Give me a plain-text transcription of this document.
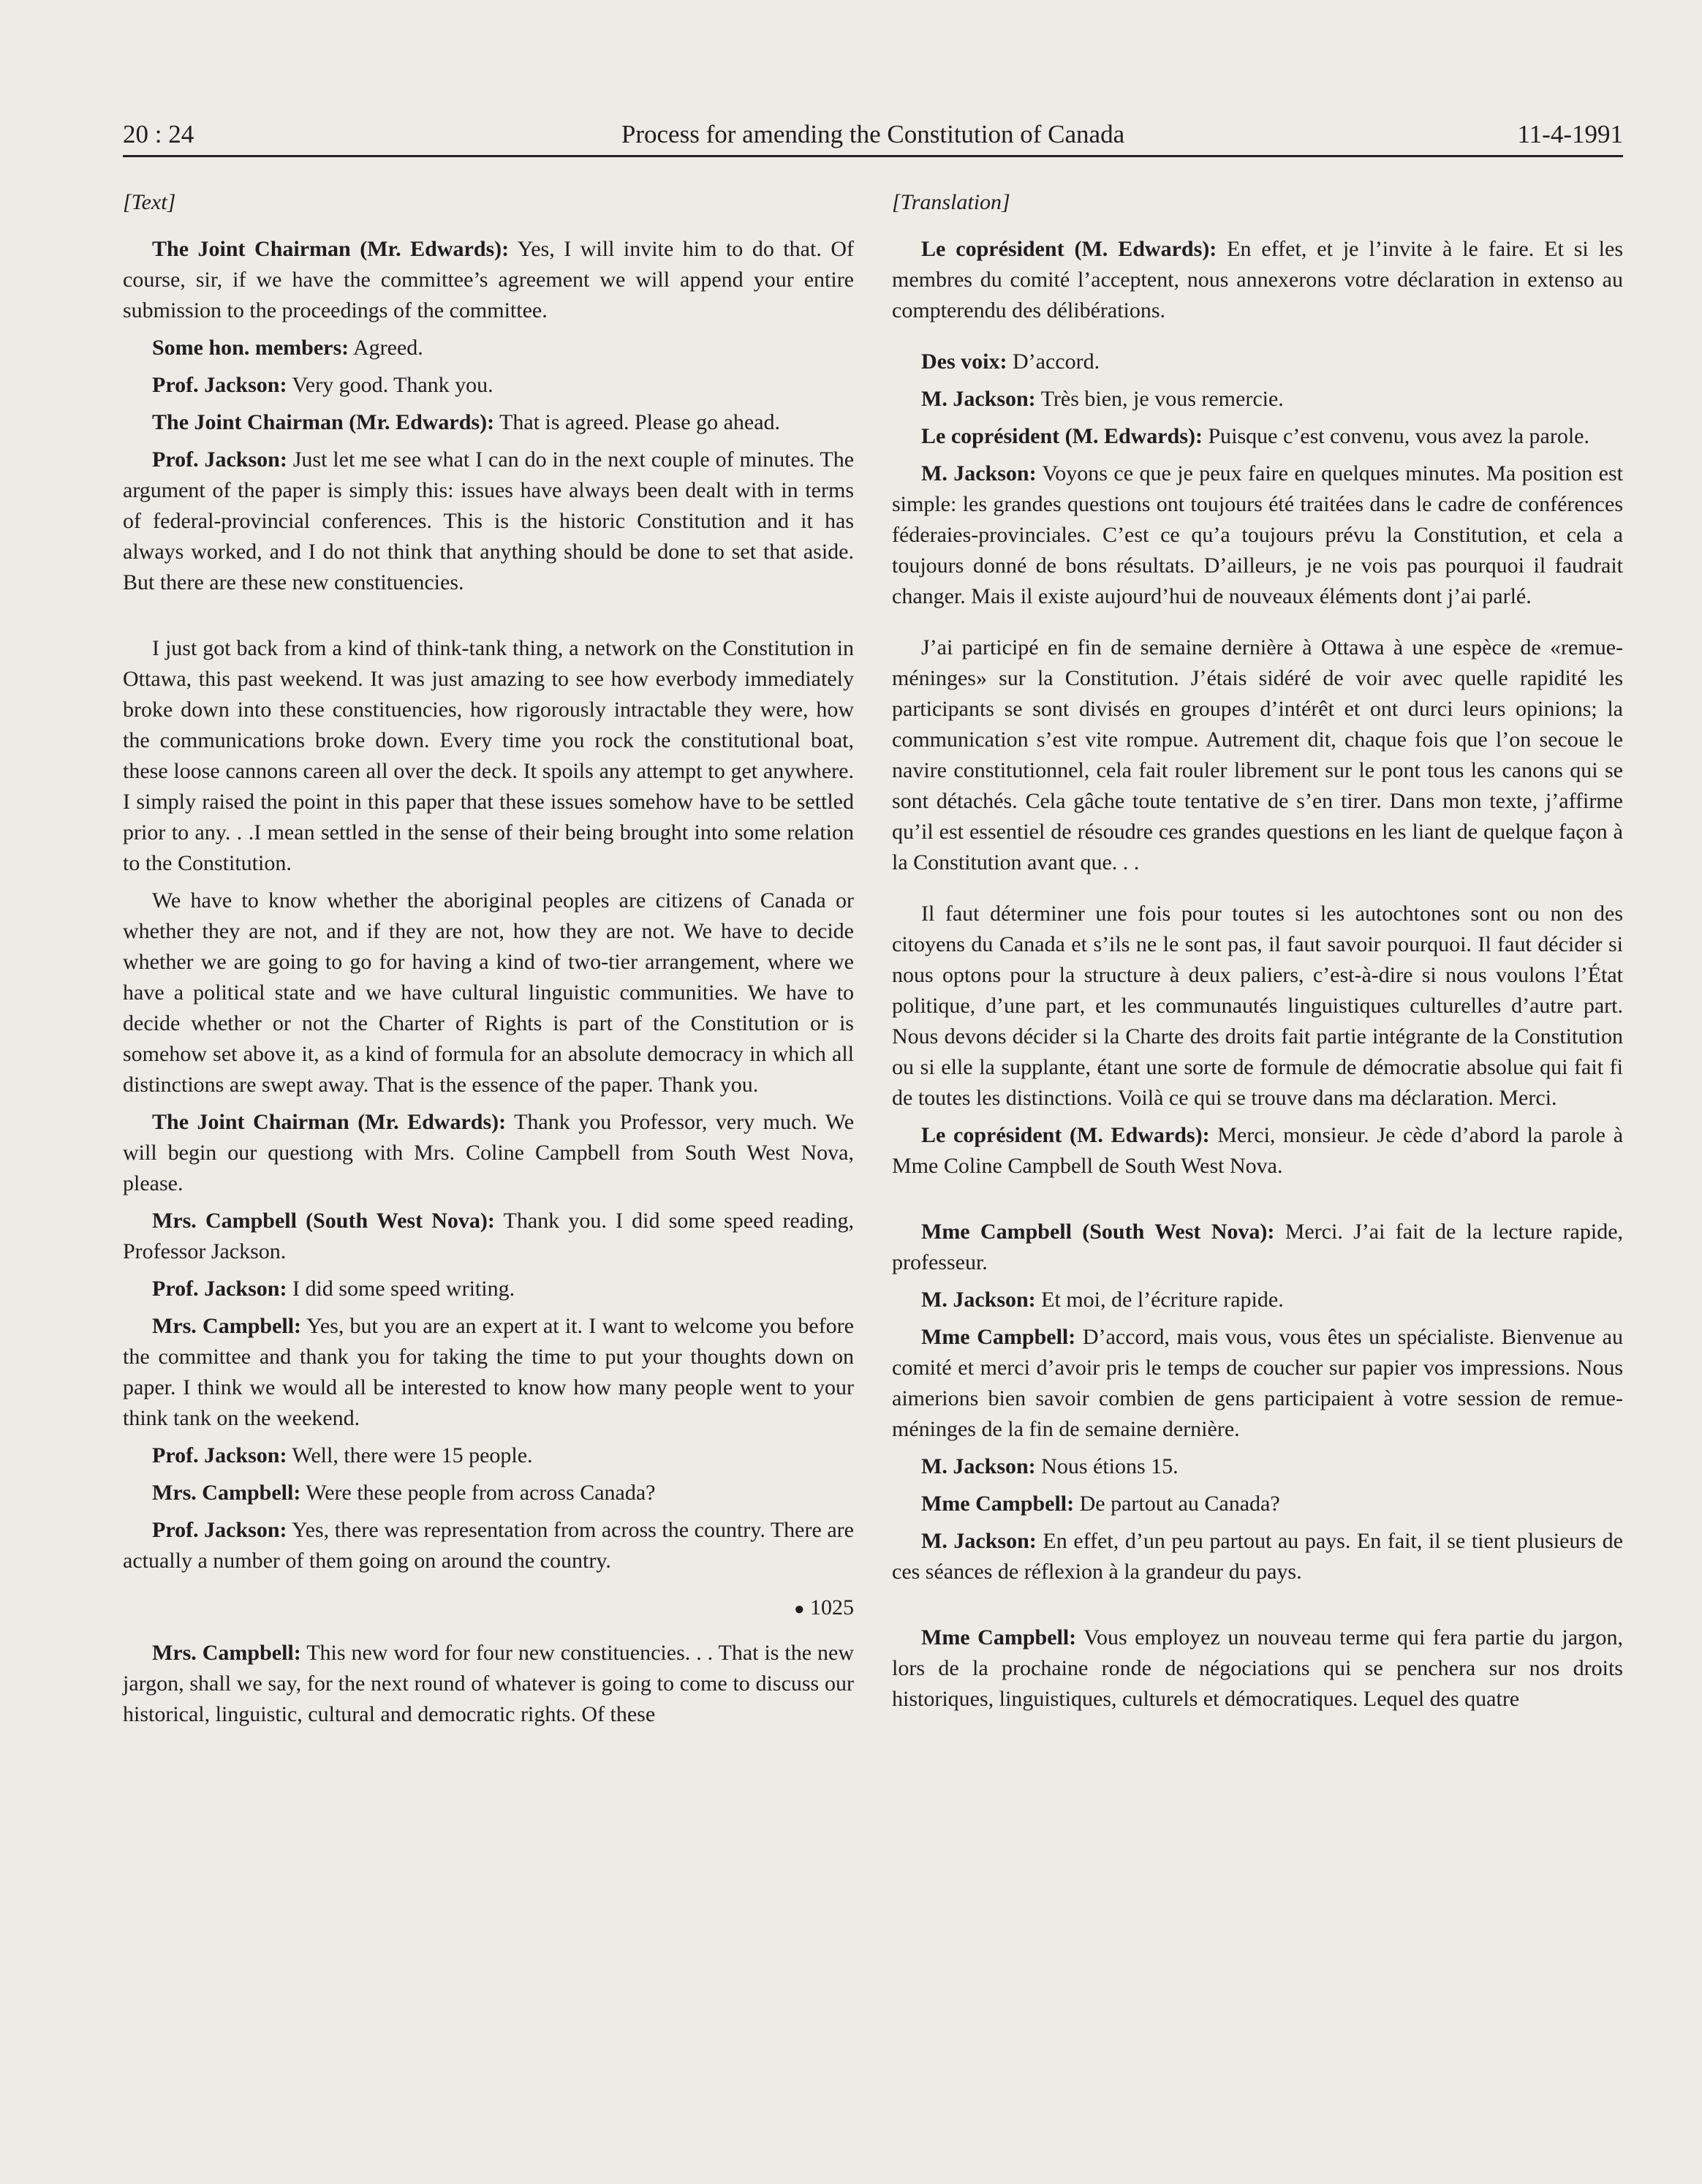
20 : 24	Process for amending the Constitution of Canada	11-4-1991
[Text]

The Joint Chairman (Mr. Edwards): Yes, I will invite him to do that. Of course, sir, if we have the committee’s agreement we will append your entire submission to the proceedings of the committee.

Some hon. members: Agreed.

Prof. Jackson: Very good. Thank you.

The Joint Chairman (Mr. Edwards): That is agreed. Please go ahead.

Prof. Jackson: Just let me see what I can do in the next couple of minutes. The argument of the paper is simply this: issues have always been dealt with in terms of federal-provincial conferences. This is the historic Constitution and it has always worked, and I do not think that anything should be done to set that aside. But there are these new constituencies.

I just got back from a kind of think-tank thing, a network on the Constitution in Ottawa, this past weekend. It was just amazing to see how everbody immediately broke down into these constituencies, how rigorously intractable they were, how the communications broke down. Every time you rock the constitutional boat, these loose cannons careen all over the deck. It spoils any attempt to get anywhere. I simply raised the point in this paper that these issues somehow have to be settled prior to any. . .I mean settled in the sense of their being brought into some relation to the Constitution.

We have to know whether the aboriginal peoples are citizens of Canada or whether they are not, and if they are not, how they are not. We have to decide whether we are going to go for having a kind of two-tier arrangement, where we have a political state and we have cultural linguistic communities. We have to decide whether or not the Charter of Rights is part of the Constitution or is somehow set above it, as a kind of formula for an absolute democracy in which all distinctions are swept away. That is the essence of the paper. Thank you.

The Joint Chairman (Mr. Edwards): Thank you Professor, very much. We will begin our questiong with Mrs. Coline Campbell from South West Nova, please.

Mrs. Campbell (South West Nova): Thank you. I did some speed reading, Professor Jackson.

Prof. Jackson: I did some speed writing.

Mrs. Campbell: Yes, but you are an expert at it. I want to welcome you before the committee and thank you for taking the time to put your thoughts down on paper. I think we would all be interested to know how many people went to your think tank on the weekend.

Prof. Jackson: Well, there were 15 people.

Mrs. Campbell: Were these people from across Canada?

Prof. Jackson: Yes, there was representation from across the country. There are actually a number of them going on around the country.

● 1025

Mrs. Campbell: This new word for four new constituencies. . . That is the new jargon, shall we say, for the next round of whatever is going to come to discuss our historical, linguistic, cultural and democratic rights. Of these

[Translation]

Le coprésident (M. Edwards): En effet, et je l’invite à le faire. Et si les membres du comité l’acceptent, nous annexerons votre déclaration in extenso au compterendu des délibérations.

Des voix: D’accord.

M. Jackson: Très bien, je vous remercie.

Le coprésident (M. Edwards): Puisque c’est convenu, vous avez la parole.

M. Jackson: Voyons ce que je peux faire en quelques minutes. Ma position est simple: les grandes questions ont toujours été traitées dans le cadre de conférences féderaies-provinciales. C’est ce qu’a toujours prévu la Constitution, et cela a toujours donné de bons résultats. D’ailleurs, je ne vois pas pourquoi il faudrait changer. Mais il existe aujourd’hui de nouveaux éléments dont j’ai parlé.

J’ai participé en fin de semaine dernière à Ottawa à une espèce de «remue-méninges» sur la Constitution. J’étais sidéré de voir avec quelle rapidité les participants se sont divisés en groupes d’intérêt et ont durci leurs opinions; la communication s’est vite rompue. Autrement dit, chaque fois que l’on secoue le navire constitutionnel, cela fait rouler librement sur le pont tous les canons qui se sont détachés. Cela gâche toute tentative de s’en tirer. Dans mon texte, j’affirme qu’il est essentiel de résoudre ces grandes questions en les liant de quelque façon à la Constitution avant que. . .

Il faut déterminer une fois pour toutes si les autochtones sont ou non des citoyens du Canada et s’ils ne le sont pas, il faut savoir pourquoi. Il faut décider si nous optons pour la structure à deux paliers, c’est-à-dire si nous voulons l’État politique, d’une part, et les communautés linguistiques culturelles d’autre part. Nous devons décider si la Charte des droits fait partie intégrante de la Constitution ou si elle la supplante, étant une sorte de formule de démocratie absolue qui fait fi de toutes les distinctions. Voilà ce qui se trouve dans ma déclaration. Merci.

Le coprésident (M. Edwards): Merci, monsieur. Je cède d’abord la parole à Mme Coline Campbell de South West Nova.

Mme Campbell (South West Nova): Merci. J’ai fait de la lecture rapide, professeur.

M. Jackson: Et moi, de l’écriture rapide.

Mme Campbell: D’accord, mais vous, vous êtes un spécialiste. Bienvenue au comité et merci d’avoir pris le temps de coucher sur papier vos impressions. Nous aimerions bien savoir combien de gens participaient à votre session de remue-méninges de la fin de semaine dernière.

M. Jackson: Nous étions 15.

Mme Campbell: De partout au Canada?

M. Jackson: En effet, d’un peu partout au pays. En fait, il se tient plusieurs de ces séances de réflexion à la grandeur du pays.

Mme Campbell: Vous employez un nouveau terme qui fera partie du jargon, lors de la prochaine ronde de négociations qui se penchera sur nos droits historiques, linguistiques, culturels et démocratiques. Lequel des quatre
